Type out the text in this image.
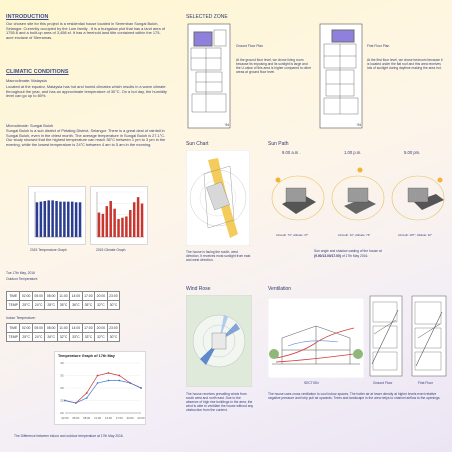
INTRODUCTION
Our chosen site for this project is a residential house located in Seremban Sungai Buloh, Selangor. Currently occupied by the Lum family . It is a bungalow plot that has a land area of 1755.6 and a built-up area of 3,458 sf. It has a freehold land title contained within the 175-acre enclave of Sierramas.
CLIMATIC CONDITIONS
Macroclimate: Malaysia
Located at the equator, Malaysia has hot and humid climates which results in a warm climate throughout the year, and has an approximate temperature of 30°C. On a hot day, the humidity level can go up to 80%.
Microclimate: Sungai Buloh
Sungai Buloh is a sub district of Petaling District, Selangor. There is a great deal of rainfall in Sungai Buloh, even in the driest month. The average temperature in Sungai Buloh is 27.1°C. Our study showed that the highest temperature can reach 36°C between 1 pm to 3 pm in the evening, while the lowest temperature is 24°C between 4 am to 5 am in the morning.
2015 Temperature Graph	2015 Climate Graph
Tue 17th May, 2016
Outdoor Temperature:
TIME	02:00	05:00	08:00	11:00	14:00	17:00	20:00	23:00
TEMP	25°C	24°C	28°C	35°C	36°C	35°C	32°C	30°C
Indoor Temperature:
TIME	02:00	05:00	08:00	11:00	14:00	17:00	20:00	23:00
TEMP	25°C	24°C	26°C	32°C	33°C	33°C	32°C	30°C
Temperature Graph of 17th May
20
25
30
35
40
02:00 05:00 08:00 11:00 14:00 17:00 20:00 23:00
The Difference between indoor and outdoor temperature at 17th May 2016.
SELECTED ZONE
↑N
Ground Floor Plan
At the ground floor level, we chose living room because its exposing and its sunlight is large and the U-value of this area is higher compared to other areas at ground floor level.
↑N
First Floor Plan
At the first floor level, we chose bedroom because it is located under the flat roof and this area receives lots of sunlight during daytime making the area hot.
Sun Chart
The house is facing the south- west direction. It receives most sunlight from east and west direction.
Sun Path
9.00 a.m .	1.00 p.m.	5.00 pm.
Azimuth: 73°, Altitude: 37°	Azimuth: 10°, Altitude: 76°	Azimuth: 287°, Altitude: 32°
Sun angle and shadow casting of the house at
(9.00/13.00/17.00) of 17th May 2016.
Wind Rose
The house receives prevailing winds from south west and north east. Due to the absence of high rise buildings in the area, the wind is able to ventilate the house without any obstruction from the context.
Ventilation
SECTION	Ground Floor	First Floor
The house uses cross ventilation to cool indoor spaces. The hotter air at lower density at higher levels exert relative negative pressure and help pull air upwards. Trees and landscape in the area helps to channel airflow to the openings.
